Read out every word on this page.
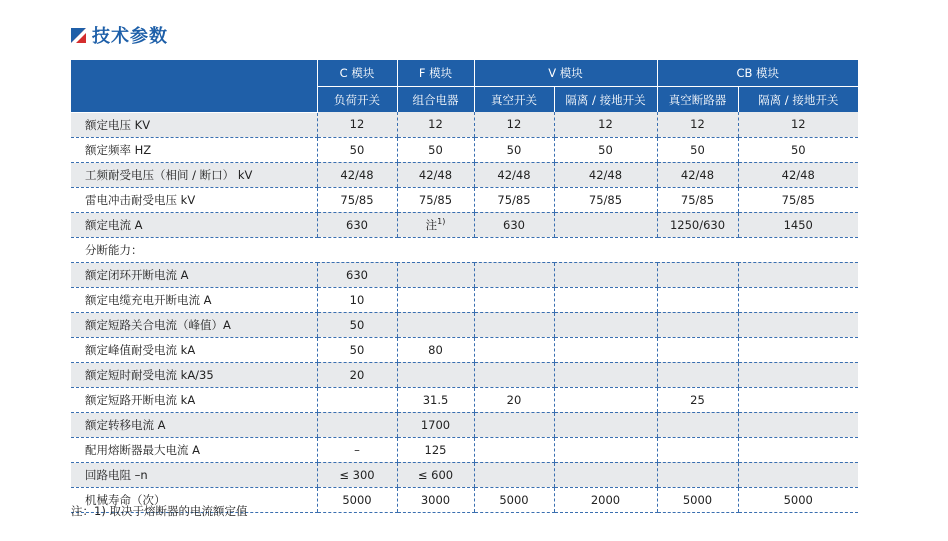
技术参数
	C 模块	F 模块	V 模块		CB 模块	
	负荷开关	组合电器	真空开关	隔离 / 接地开关	真空断路器	隔离 / 接地开关
额定电压 KV	12	12	12	12	12	12
额定频率 HZ	50	50	50	50	50	50
工频耐受电压（相间 / 断口） kV	42/48	42/48	42/48	42/48	42/48	42/48
雷电冲击耐受电压 kV	75/85	75/85	75/85	75/85	75/85	75/85
额定电流 A	630	注$^{1)}$	630		1250/630	1450
分断能力：						
额定闭环开断电流 A	630					
额定电缆充电开断电流 A	10					
额定短路关合电流（峰值）A	50					
额定峰值耐受电流 kA	50	80				
额定短时耐受电流 kA/35	20					
额定短路开断电流 kA		31.5	20		25	
额定转移电流 A		1700				
配用熔断器最大电流 A	–	125				
回路电阻 –n	≤ 300	≤ 600				
机械寿命（次）	5000	3000	5000	2000	5000	5000
注：1) 取决于熔断器的电流额定值
